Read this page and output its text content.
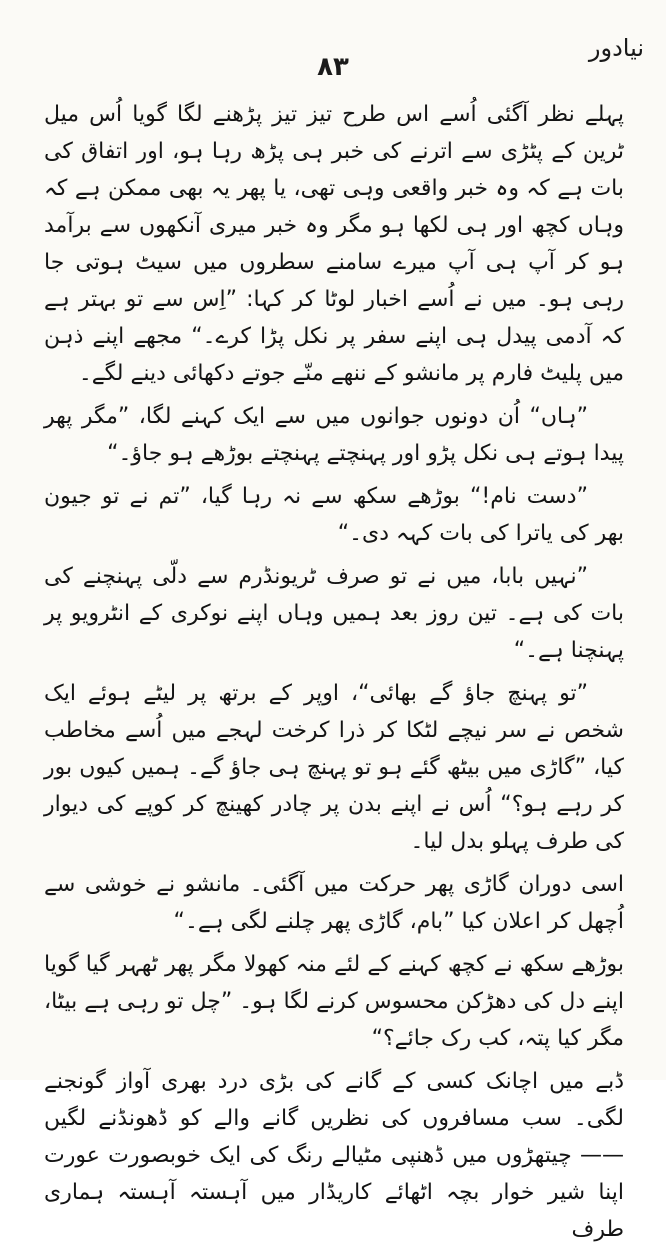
نیادور
۸۳

پہلے نظر آگئی اُسے اس طرح تیز تیز پڑھنے لگا گویا اُس میل ٹرین کے پٹڑی سے اترنے کی خبر ہی پڑھ رہا ہو، اور اتفاق کی بات ہے کہ وہ خبر واقعی وہی تھی، یا پھر یہ بھی ممکن ہے کہ وہاں کچھ اور ہی لکھا ہو مگر وہ خبر میری آنکھوں سے برآمد ہو کر آپ ہی آپ میرے سامنے سطروں میں سیٹ ہوتی جا رہی ہو۔ میں نے اُسے اخبار لوٹا کر کہا: ”اِس سے تو بہتر ہے کہ آدمی پیدل ہی اپنے سفر پر نکل پڑا کرے۔“ مجھے اپنے ذہن میں پلیٹ فارم پر مانشو کے ننھے منّے جوتے دکھائی دینے لگے۔

”ہاں“ اُن دونوں جوانوں میں سے ایک کہنے لگا، ”مگر پھر پیدا ہوتے ہی نکل پڑو اور پہنچتے پہنچتے بوڑھے ہو جاؤ۔“

”دست نام!“ بوڑھے سکھ سے نہ رہا گیا، ”تم نے تو جیون بھر کی یاترا کی بات کہہ دی۔“

”نہیں بابا، میں نے تو صرف ٹریونڈرم سے دلّی پہنچنے کی بات کی ہے۔ تین روز بعد ہمیں وہاں اپنے نوکری کے انٹرویو پر پہنچنا ہے۔“

”تو پہنچ جاؤ گے بھائی“، اوپر کے برتھ پر لیٹے ہوئے ایک شخص نے سر نیچے لٹکا کر ذرا کرخت لہجے میں اُسے مخاطب کیا، ”گاڑی میں بیٹھ گئے ہو تو پہنچ ہی جاؤ گے۔ ہمیں کیوں بور کر رہے ہو؟“ اُس نے اپنے بدن پر چادر کھینچ کر کوپے کی دیوار کی طرف پہلو بدل لیا۔

اسی دوران گاڑی پھر حرکت میں آگئی۔ مانشو نے خوشی سے اُچھل کر اعلان کیا ”بام، گاڑی پھر چلنے لگی ہے۔“

بوڑھے سکھ نے کچھ کہنے کے لئے منہ کھولا مگر پھر ٹھہر گیا گویا اپنے دل کی دھڑکن محسوس کرنے لگا ہو۔ ”چل تو رہی ہے بیٹا، مگر کیا پتہ، کب رک جائے؟“

ڈبے میں اچانک کسی کے گانے کی بڑی درد بھری آواز گونجنے لگی۔ سب مسافروں کی نظریں گانے والے کو ڈھونڈنے لگیں —— چیتھڑوں میں ڈھنپی مٹیالے رنگ کی ایک خوبصورت عورت اپنا شیر خوار بچہ اٹھائے کاریڈار میں آہستہ آہستہ ہماری طرف
